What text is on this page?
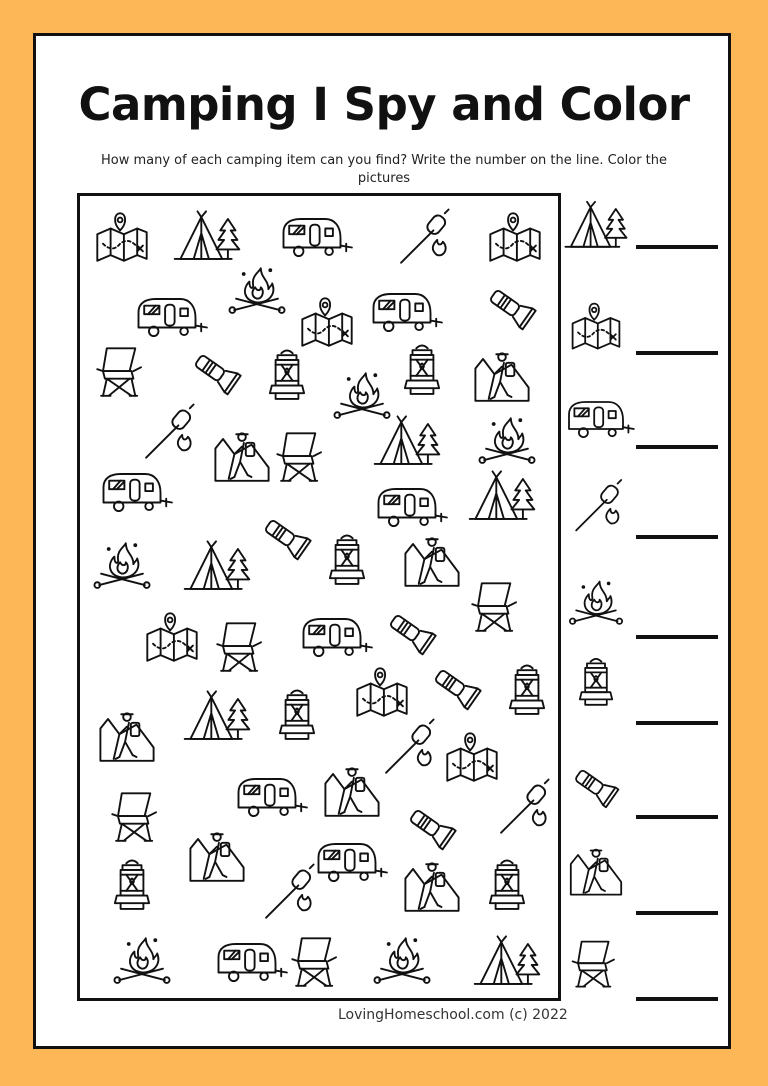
Camping I Spy and Color
How many of each camping item can you find? Write the number on the line. Color the pictures
LovingHomeschool.com (c) 2022
